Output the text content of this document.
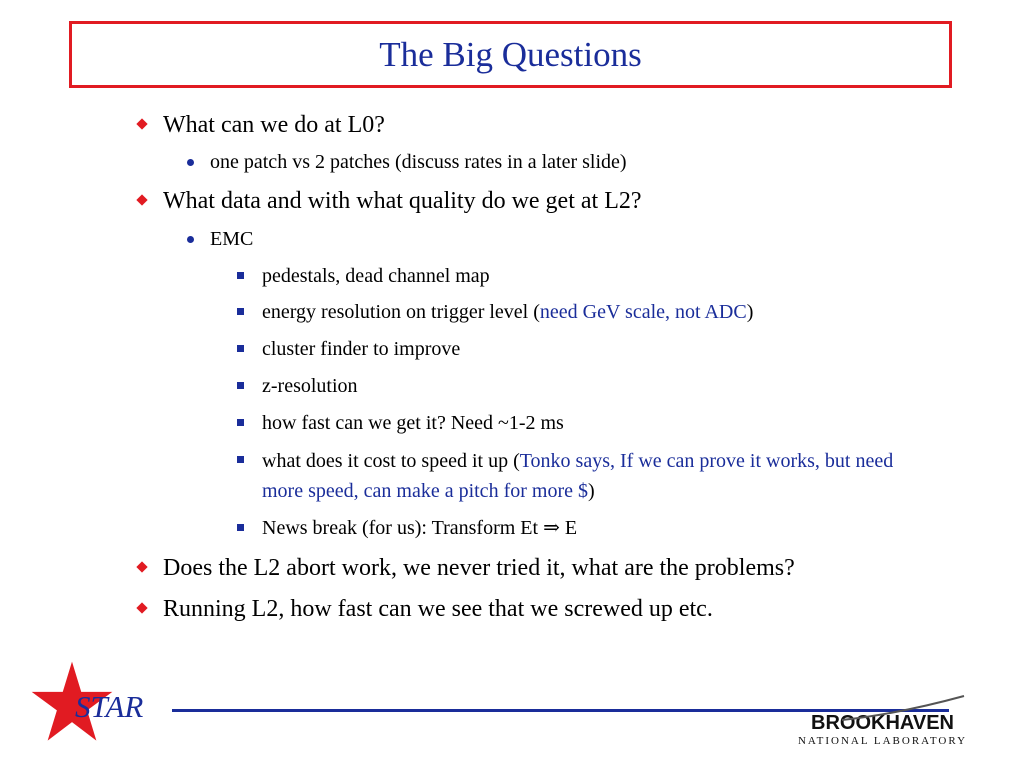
The Big Questions
What can we do at L0?
one patch vs 2 patches (discuss rates in a later slide)
What data and with what quality do we get at L2?
EMC
pedestals, dead channel map
energy resolution on trigger level (need GeV scale, not ADC)
cluster finder to improve
z-resolution
how fast can we get it? Need ~1-2 ms
what does it cost to speed it up (Tonko says, If we can prove it works, but need more speed, can make a pitch for more $)
News break (for us): Transform Et ⇒ E
Does the L2 abort work, we never tried it, what are the problems?
Running L2, how fast can we see that we screwed up etc.
STAR	BROOKHAVEN
NATIONAL LABORATORY
